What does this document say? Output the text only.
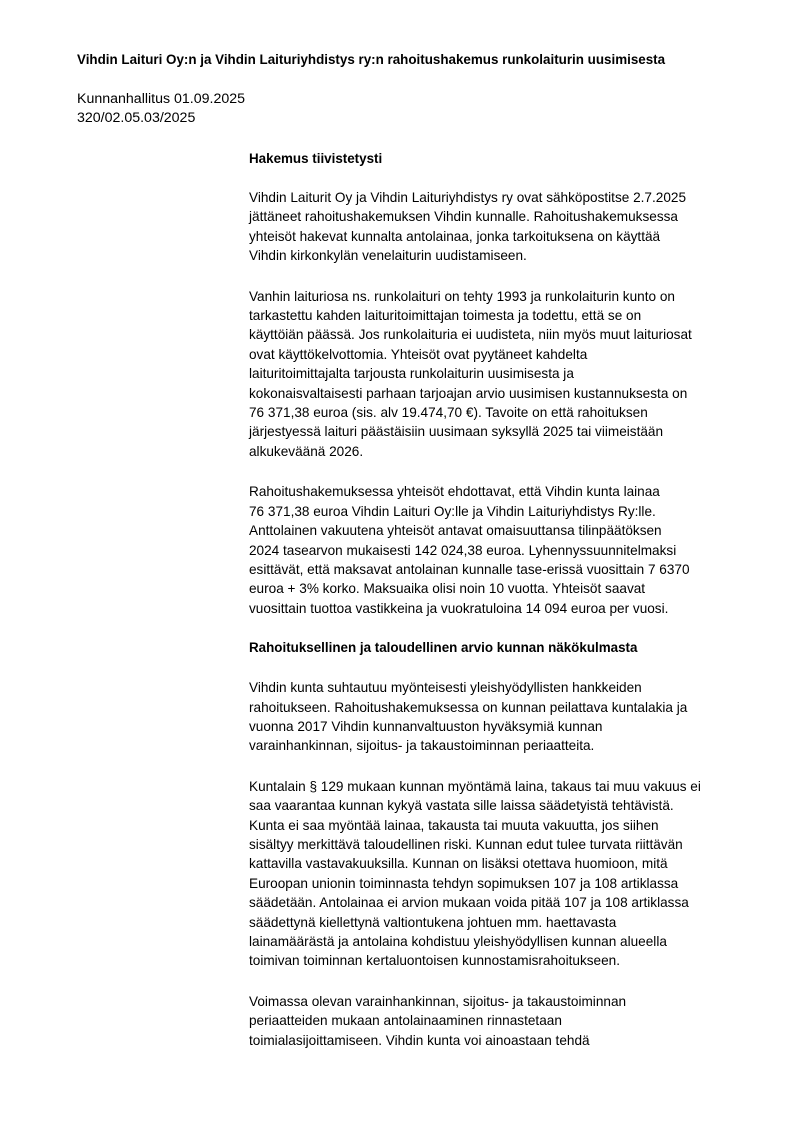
Vihdin Laituri Oy:n ja Vihdin Laituriyhdistys ry:n rahoitushakemus runkolaiturin uusimisesta
Kunnanhallitus 01.09.2025
320/02.05.03/2025
Hakemus tiivistetysti

Vihdin Laiturit Oy ja Vihdin Laituriyhdistys ry ovat sähköpostitse 2.7.2025
jättäneet rahoitushakemuksen Vihdin kunnalle. Rahoitushakemuksessa
yhteisöt hakevat kunnalta antolainaa, jonka tarkoituksena on käyttää
Vihdin kirkonkylän venelaiturin uudistamiseen.

Vanhin laituriosa ns. runkolaituri on tehty 1993 ja runkolaiturin kunto on
tarkastettu kahden laituritoimittajan toimesta ja todettu, että se on
käyttöiän päässä. Jos runkolaituria ei uudisteta, niin myös muut laituriosat
ovat käyttökelvottomia. Yhteisöt ovat pyytäneet kahdelta
laituritoimittajalta tarjousta runkolaiturin uusimisesta ja
kokonaisvaltaisesti parhaan tarjoajan arvio uusimisen kustannuksesta on
76 371,38 euroa (sis. alv 19.474,70 €). Tavoite on että rahoituksen
järjestyessä laituri päästäisiin uusimaan syksyllä 2025 tai viimeistään
alkukeväänä 2026.

Rahoitushakemuksessa yhteisöt ehdottavat, että Vihdin kunta lainaa
76 371,38 euroa Vihdin Laituri Oy:lle ja Vihdin Laituriyhdistys Ry:lle.
Anttolainen vakuutena yhteisöt antavat omaisuuttansa tilinpäätöksen
2024 tasearvon mukaisesti 142 024,38 euroa. Lyhennyssuunnitelmaksi
esittävät, että maksavat antolainan kunnalle tase-erissä vuosittain 7 6370
euroa + 3% korko. Maksuaika olisi noin 10 vuotta. Yhteisöt saavat
vuosittain tuottoa vastikkeina ja vuokratuloina 14 094 euroa per vuosi.

Rahoituksellinen ja taloudellinen arvio kunnan näkökulmasta

Vihdin kunta suhtautuu myönteisesti yleishyödyllisten hankkeiden
rahoitukseen. Rahoitushakemuksessa on kunnan peilattava kuntalakia ja
vuonna 2017 Vihdin kunnanvaltuuston hyväksymiä kunnan
varainhankinnan, sijoitus- ja takaustoiminnan periaatteita.

Kuntalain § 129 mukaan kunnan myöntämä laina, takaus tai muu vakuus ei
saa vaarantaa kunnan kykyä vastata sille laissa säädetyistä tehtävistä.
Kunta ei saa myöntää lainaa, takausta tai muuta vakuutta, jos siihen
sisältyy merkittävä taloudellinen riski. Kunnan edut tulee turvata riittävän
kattavilla vastavakuuksilla. Kunnan on lisäksi otettava huomioon, mitä
Euroopan unionin toiminnasta tehdyn sopimuksen 107 ja 108 artiklassa
säädetään. Antolainaa ei arvion mukaan voida pitää 107 ja 108 artiklassa
säädettynä kiellettynä valtiontukena johtuen mm. haettavasta
lainamäärästä ja antolaina kohdistuu yleishyödyllisen kunnan alueella
toimivan toiminnan kertaluontoisen kunnostamisrahoitukseen.

Voimassa olevan varainhankinnan, sijoitus- ja takaustoiminnan
periaatteiden mukaan antolainaaminen rinnastetaan
toimialasijoittamiseen. Vihdin kunta voi ainoastaan tehdä
